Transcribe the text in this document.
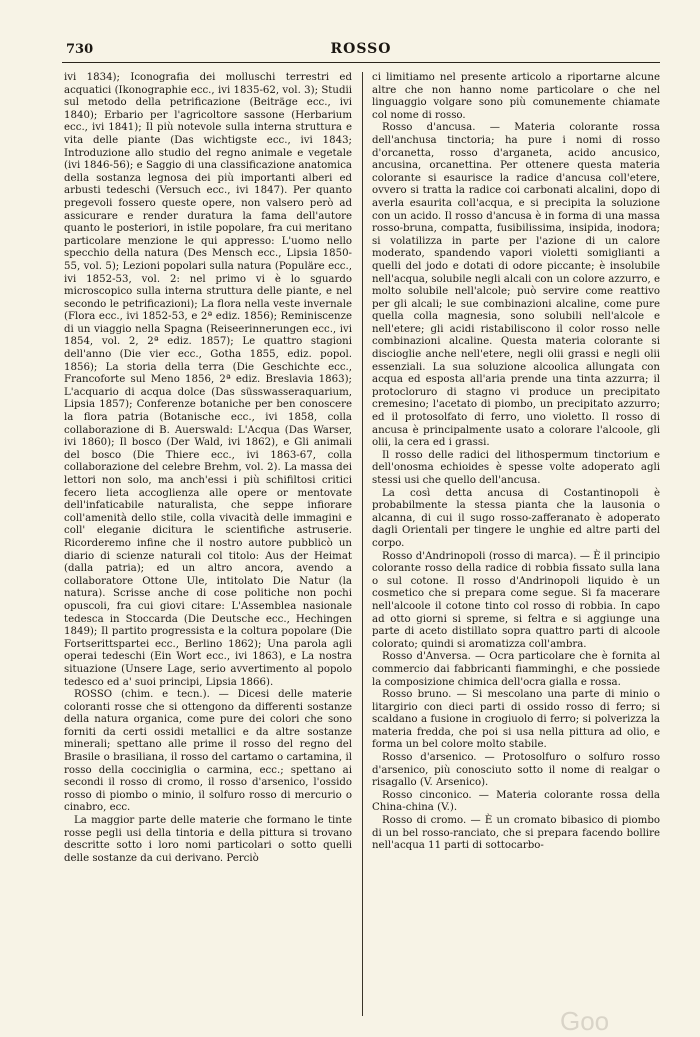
730	ROSSO

ivi 1834); Iconografia dei molluschi terrestri ed acquatici (Ikonographie ecc., ivi 1835-62, vol. 3); Studii sul metodo della petrificazione (Beiträge ecc., ivi 1840); Erbario per l'agricoltore sassone (Herbarium ecc., ivi 1841); Il più notevole sulla interna struttura e vita delle piante (Das wichtigste ecc., ivi 1843; Introduzione allo studio del regno animale e vegetale (ivi 1846-56); e Saggio di una classificazione anatomica della sostanza legnosa dei più importanti alberi ed arbusti tedeschi (Versuch ecc., ivi 1847). Per quanto pregevoli fossero queste opere, non valsero però ad assicurare e render duratura la fama dell'autore quanto le posteriori, in istile popolare, fra cui meritano particolare menzione le qui appresso: L'uomo nello specchio della natura (Des Mensch ecc., Lipsia 1850-55, vol. 5); Lezioni popolari sulla natura (Populäre ecc., ivi 1852-53, vol. 2: nel primo vi è lo sguardo microscopico sulla interna struttura delle piante, e nel secondo le petrificazioni); La flora nella veste invernale (Flora ecc., ivi 1852-53, e 2ª ediz. 1856); Reminiscenze di un viaggio nella Spagna (Reiseerinnerungen ecc., ivi 1854, vol. 2, 2ª ediz. 1857); Le quattro stagioni dell'anno (Die vier ecc., Gotha 1855, ediz. popol. 1856); La storia della terra (Die Geschichte ecc., Francoforte sul Meno 1856, 2ª ediz. Breslavia 1863); L'acquario di acqua dolce (Das süsswasseraquarium, Lipsia 1857); Conferenze botaniche per ben conoscere la flora patria (Botanische ecc., ivi 1858, colla collaborazione di B. Auerswald: L'Acqua (Das Warser, ivi 1860); Il bosco (Der Wald, ivi 1862), e Gli animali del bosco (Die Thiere ecc., ivi 1863-67, colla collaborazione del celebre Brehm, vol. 2). La massa dei lettori non solo, ma anch'essi i più schifiltosi critici fecero lieta accoglienza alle opere or mentovate dell'infaticabile naturalista, che seppe infiorare coll'amenità dello stile, colla vivacità delle immagini e coll' eleganie dicitura le scientifiche astruserie. Ricorderemo infine che il nostro autore pubblicò un diario di scienze naturali col titolo: Aus der Heimat (dalla patria); ed un altro ancora, avendo a collaboratore Ottone Ule, intitolato Die Natur (la natura). Scrisse anche di cose politiche non pochi opuscoli, fra cui giovi citare: L'Assemblea nasionale tedesca in Stoccarda (Die Deutsche ecc., Hechingen 1849); Il partito progressista e la coltura popolare (Die Fortserittspartei ecc., Berlino 1862); Una parola agli operai tedeschi (Ein Wort ecc., ivi 1863), e La nostra situazione (Unsere Lage, serio avvertimento al popolo tedesco ed a' suoi principi, Lipsia 1866).

ROSSO (chim. e tecn.). — Dicesi delle materie coloranti rosse che si ottengono da differenti sostanze della natura organica, come pure dei colori che sono forniti da certi ossidi metallici e da altre sostanze minerali; spettano alle prime il rosso del regno del Brasile o brasiliana, il rosso del cartamo o cartamina, il rosso della cocciniglia o carmina, ecc.; spettano ai secondi il rosso di cromo, il rosso d'arsenico, l'ossido rosso di piombo o minio, il solfuro rosso di mercurio o cinabro, ecc.

La maggior parte delle materie che formano le tinte rosse pegli usi della tintoria e della pittura si trovano descritte sotto i loro nomi particolari o sotto quelli delle sostanze da cui derivano. Perciò

ci limitiamo nel presente articolo a riportarne alcune altre che non hanno nome particolare o che nel linguaggio volgare sono più comunemente chiamate col nome di rosso.

Rosso d'ancusa. — Materia colorante rossa dell'anchusa tinctoria; ha pure i nomi di rosso d'orcanetta, rosso d'arganeta, acido ancusico, ancusina, orcanettina. Per ottenere questa materia colorante si esaurisce la radice d'ancusa coll'etere, ovvero si tratta la radice coi carbonati alcalini, dopo di averla esaurita coll'acqua, e si precipita la soluzione con un acido. Il rosso d'ancusa è in forma di una massa rosso-bruna, compatta, fusibilissima, insipida, inodora; si volatilizza in parte per l'azione di un calore moderato, spandendo vapori violetti somiglianti a quelli del jodo e dotati di odore piccante; è insolubile nell'acqua, solubile negli alcali con un colore azzurro, e molto solubile nell'alcole; può servire come reattivo per gli alcali; le sue combinazioni alcaline, come pure quella colla magnesia, sono solubili nell'alcole e nell'etere; gli acidi ristabiliscono il color rosso nelle combinazioni alcaline. Questa materia colorante si discioglie anche nell'etere, negli olii grassi e negli olii essenziali. La sua soluzione alcoolica allungata con acqua ed esposta all'aria prende una tinta azzurra; il protocloruro di stagno vi produce un precipitato cremesino; l'acetato di piombo, un precipitato azzurro; ed il protosolfato di ferro, uno violetto. Il rosso di ancusa è principalmente usato a colorare l'alcoole, gli olii, la cera ed i grassi.

Il rosso delle radici del lithospermum tinctorium e dell'onosma echioides è spesse volte adoperato agli stessi usi che quello dell'ancusa.

La così detta ancusa di Costantinopoli è probabilmente la stessa pianta che la lausonia o alcanna, di cui il sugo rosso-zafferanato è adoperato dagli Orientali per tingere le unghie ed altre parti del corpo.

Rosso d'Andrinopoli (rosso di marca). — È il principio colorante rosso della radice di robbia fissato sulla lana o sul cotone. Il rosso d'Andrinopoli liquido è un cosmetico che si prepara come segue. Si fa macerare nell'alcoole il cotone tinto col rosso di robbia. In capo ad otto giorni si spreme, si feltra e si aggiunge una parte di aceto distillato sopra quattro parti di alcoole colorato; quindi si aromatizza coll'ambra.

Rosso d'Anversa. — Ocra particolare che è fornita al commercio dai fabbricanti fiamminghi, e che possiede la composizione chimica dell'ocra gialla e rossa.

Rosso bruno. — Si mescolano una parte di minio o litargirio con dieci parti di ossido rosso di ferro; si scaldano a fusione in crogiuolo di ferro; si polverizza la materia fredda, che poi si usa nella pittura ad olio, e forma un bel colore molto stabile.

Rosso d'arsenico. — Protosolfuro o solfuro rosso d'arsenico, più conosciuto sotto il nome di realgar o risagallo (V. Arsenico).

Rosso cinconico. — Materia colorante rossa della China-china (V.).

Rosso di cromo. — È un cromato bibasico di piombo di un bel rosso-ranciato, che si prepara facendo bollire nell'acqua 11 parti di sottocarbo-

Goo
